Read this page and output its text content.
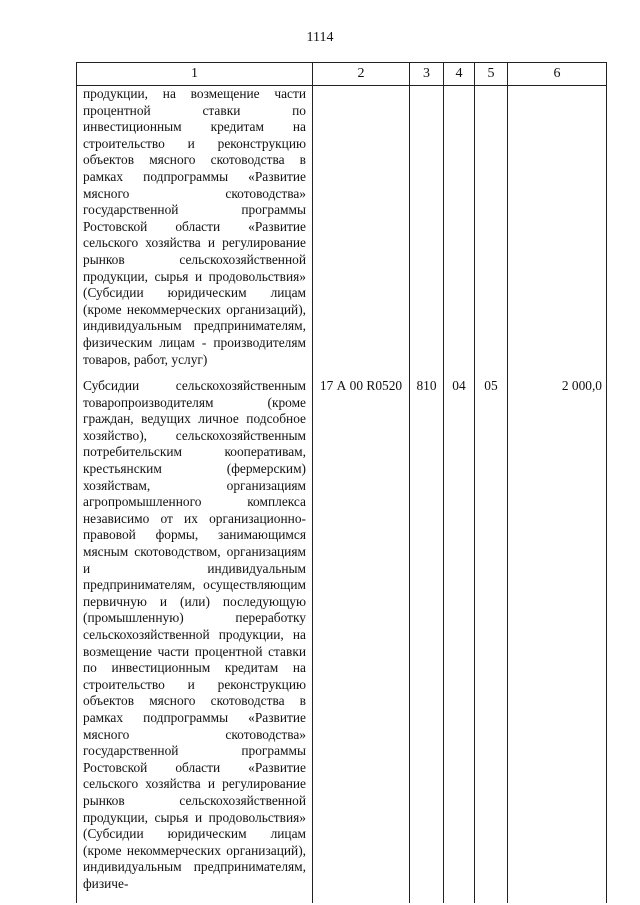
1114
1	2	3	4	5	6
продукции, на возмещение части процентной ставки по инвестиционным кредитам на строительство и реконструкцию объектов мясного скотоводства в рамках подпрограммы «Развитие мясного скотоводства» государственной программы Ростовской области «Развитие сельского хозяйства и регулирование рынков сельскохозяйственной продукции, сырья и продовольствия» (Субсидии юридическим лицам (кроме некоммерческих организаций), индивидуальным предпринимателям, физическим лицам - производителям товаров, работ, услуг)					
Субсидии сельскохозяйственным товаропроизводителям (кроме граждан, ведущих личное подсобное хозяйство), сельскохозяйственным потребительским кооперативам, крестьянским (фермерским) хозяйствам, организациям агропромышленного комплекса независимо от их организационно-правовой формы, занимающимся мясным скотоводством, организациям и индивидуальным предпринимателям, осуществляющим первичную и (или) последующую (промышленную) переработку сельскохозяйственной продукции, на возмещение части процентной ставки по инвестиционным кредитам на строительство и реконструкцию объектов мясного скотоводства в рамках подпрограммы «Развитие мясного скотоводства» государственной программы Ростовской области «Развитие сельского хозяйства и регулирование рынков сельскохозяйственной продукции, сырья и продовольствия» (Субсидии юридическим лицам (кроме некоммерческих организаций), индивидуальным предпринимателям, физиче-	17 А 00 R0520	810	04	05	2 000,0
